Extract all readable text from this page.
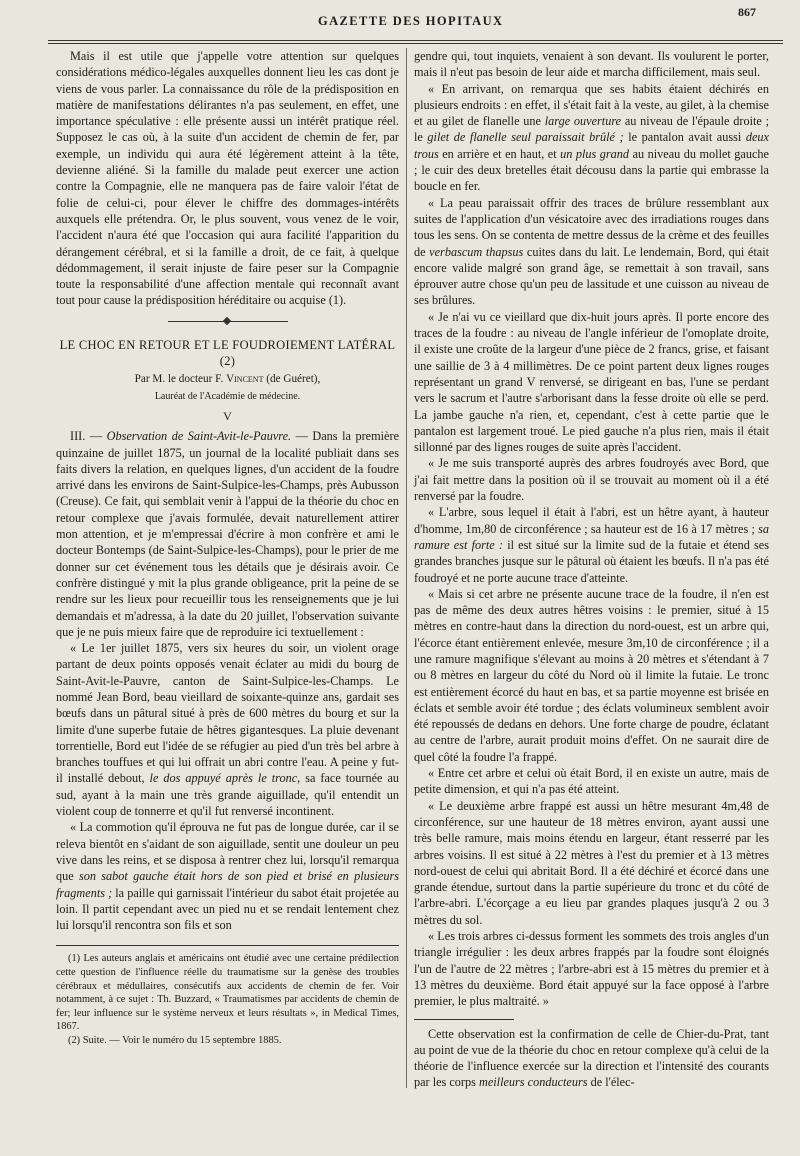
GAZETTE DES HOPITAUX
867

Mais il est utile que j'appelle votre attention sur quelques considérations médico-légales auxquelles donnent lieu les cas dont je viens de vous parler. La connaissance du rôle de la prédisposition en matière de manifestations délirantes n'a pas seulement, en effet, une importance spéculative : elle présente aussi un intérêt pratique réel. Supposez le cas où, à la suite d'un accident de chemin de fer, par exemple, un individu qui aura été légèrement atteint à la tête, devienne aliéné. Si la famille du malade peut exercer une action contre la Compagnie, elle ne manquera pas de faire valoir l'état de folie de celui-ci, pour élever le chiffre des dommages-intérêts auxquels elle prétendra. Or, le plus souvent, vous venez de le voir, l'accident n'aura été que l'occasion qui aura facilité l'apparition du dérangement cérébral, et si la famille a droit, de ce fait, à quelque dédommagement, il serait injuste de faire peser sur la Compagnie toute la responsabilité d'une affection mentale qui reconnaît avant tout pour cause la prédisposition héréditaire ou acquise (1).

LE CHOC EN RETOUR ET LE FOUDROIEMENT LATÉRAL (2)

Par M. le docteur F. Vincent (de Guéret),

Lauréat de l'Académie de médecine.
V

III. — Observation de Saint-Avit-le-Pauvre. — Dans la première quinzaine de juillet 1875, un journal de la localité publiait dans ses faits divers la relation, en quelques lignes, d'un accident de la foudre arrivé dans les environs de Saint-Sulpice-les-Champs, près Aubusson (Creuse). Ce fait, qui semblait venir à l'appui de la théorie du choc en retour complexe que j'avais formulée, devait naturellement attirer mon attention, et je m'empressai d'écrire à mon confrère et ami le docteur Bontemps (de Saint-Sulpice-les-Champs), pour le prier de me donner sur cet événement tous les détails que je désirais avoir. Ce confrère distingué y mit la plus grande obligeance, prit la peine de se rendre sur les lieux pour recueillir tous les renseignements que je lui demandais et m'adressa, à la date du 20 juillet, l'observation suivante que je ne puis mieux faire que de reproduire ici textuellement :

« Le 1er juillet 1875, vers six heures du soir, un violent orage partant de deux points opposés venait éclater au midi du bourg de Saint-Avit-le-Pauvre, canton de Saint-Sulpice-les-Champs. Le nommé Jean Bord, beau vieillard de soixante-quinze ans, gardait ses bœufs dans un pâtural situé à près de 600 mètres du bourg et sur la limite d'une superbe futaie de hêtres gigantesques. La pluie devenant torrentielle, Bord eut l'idée de se réfugier au pied d'un très bel arbre à branches touffues et qui lui offrait un abri contre l'eau. A peine y fut-il installé debout, le dos appuyé après le tronc, sa face tournée au sud, ayant à la main une très grande aiguillade, qu'il entendit un violent coup de tonnerre et qu'il fut renversé incontinent.

« La commotion qu'il éprouva ne fut pas de longue durée, car il se releva bientôt en s'aidant de son aiguillade, sentit une douleur un peu vive dans les reins, et se disposa à rentrer chez lui, lorsqu'il remarqua que son sabot gauche était hors de son pied et brisé en plusieurs fragments ; la paille qui garnissait l'intérieur du sabot était projetée au loin. Il partit cependant avec un pied nu et se rendait lentement chez lui lorsqu'il rencontra son fils et son

(1) Les auteurs anglais et américains ont étudié avec une certaine prédilection cette question de l'influence réelle du traumatisme sur la genèse des troubles cérébraux et médullaires, consécutifs aux accidents de chemin de fer. Voir notamment, à ce sujet : Th. Buzzard, « Traumatismes par accidents de chemin de fer; leur influence sur le système nerveux et leurs résultats », in Medical Times, 1867.

(2) Suite. — Voir le numéro du 15 septembre 1885.

gendre qui, tout inquiets, venaient à son devant. Ils voulurent le porter, mais il n'eut pas besoin de leur aide et marcha difficilement, mais seul.

« En arrivant, on remarqua que ses habits étaient déchirés en plusieurs endroits : en effet, il s'était fait à la veste, au gilet, à la chemise et au gilet de flanelle une large ouverture au niveau de l'épaule droite ; le gilet de flanelle seul paraissait brûlé ; le pantalon avait aussi deux trous en arrière et en haut, et un plus grand au niveau du mollet gauche ; le cuir des deux bretelles était décousu dans la partie qui embrasse la boucle en fer.

« La peau paraissait offrir des traces de brûlure ressemblant aux suites de l'application d'un vésicatoire avec des irradiations rouges dans tous les sens. On se contenta de mettre dessus de la crème et des feuilles de verbascum thapsus cuites dans du lait. Le lendemain, Bord, qui était encore valide malgré son grand âge, se remettait à son travail, sans éprouver autre chose qu'un peu de lassitude et une cuisson au niveau de ses brûlures.

« Je n'ai vu ce vieillard que dix-huit jours après. Il porte encore des traces de la foudre : au niveau de l'angle inférieur de l'omoplate droite, il existe une croûte de la largeur d'une pièce de 2 francs, grise, et faisant une saillie de 3 à 4 millimètres. De ce point partent deux lignes rouges représentant un grand V renversé, se dirigeant en bas, l'une se perdant vers le sacrum et l'autre s'arborisant dans la fesse droite où elle se perd. La jambe gauche n'a rien, et, cependant, c'est à cette partie que le pantalon est largement troué. Le pied gauche n'a plus rien, mais il était sillonné par des lignes rouges de suite après l'accident.

« Je me suis transporté auprès des arbres foudroyés avec Bord, que j'ai fait mettre dans la position où il se trouvait au moment où il a été renversé par la foudre.

« L'arbre, sous lequel il était à l'abri, est un hêtre ayant, à hauteur d'homme, 1m,80 de circonférence ; sa hauteur est de 16 à 17 mètres ; sa ramure est forte : il est situé sur la limite sud de la futaie et étend ses grandes branches jusque sur le pâtural où étaient les bœufs. Il n'a pas été foudroyé et ne porte aucune trace d'atteinte.

« Mais si cet arbre ne présente aucune trace de la foudre, il n'en est pas de même des deux autres hêtres voisins : le premier, situé à 15 mètres en contre-haut dans la direction du nord-ouest, est un arbre qui, l'écorce étant entièrement enlevée, mesure 3m,10 de circonférence ; il a une ramure magnifique s'élevant au moins à 20 mètres et s'étendant à 7 ou 8 mètres en largeur du côté du Nord où il limite la futaie. Le tronc est entièrement écorcé du haut en bas, et sa partie moyenne est brisée en éclats et semble avoir été tordue ; des éclats volumineux semblent avoir été repoussés de dedans en dehors. Une forte charge de poudre, éclatant au centre de l'arbre, aurait produit moins d'effet. On ne saurait dire de quel côté la foudre l'a frappé.

« Entre cet arbre et celui où était Bord, il en existe un autre, mais de petite dimension, et qui n'a pas été atteint.

« Le deuxième arbre frappé est aussi un hêtre mesurant 4m,48 de circonférence, sur une hauteur de 18 mètres environ, ayant aussi une très belle ramure, mais moins étendu en largeur, étant resserré par les arbres voisins. Il est situé à 22 mètres à l'est du premier et à 13 mètres nord-ouest de celui qui abritait Bord. Il a été déchiré et écorcé dans une grande étendue, surtout dans la partie supérieure du tronc et du côté de l'arbre-abri. L'écorçage a eu lieu par grandes plaques jusqu'à 2 ou 3 mètres du sol.

« Les trois arbres ci-dessus forment les sommets des trois angles d'un triangle irrégulier : les deux arbres frappés par la foudre sont éloignés l'un de l'autre de 22 mètres ; l'arbre-abri est à 15 mètres du premier et à 13 mètres du deuxième. Bord était appuyé sur la face opposé à l'arbre premier, le plus maltraité. »

Cette observation est la confirmation de celle de Chier-du-Prat, tant au point de vue de la théorie du choc en retour complexe qu'à celui de la théorie de l'influence exercée sur la direction et l'intensité des courants par les corps meilleurs conducteurs de l'élec-
